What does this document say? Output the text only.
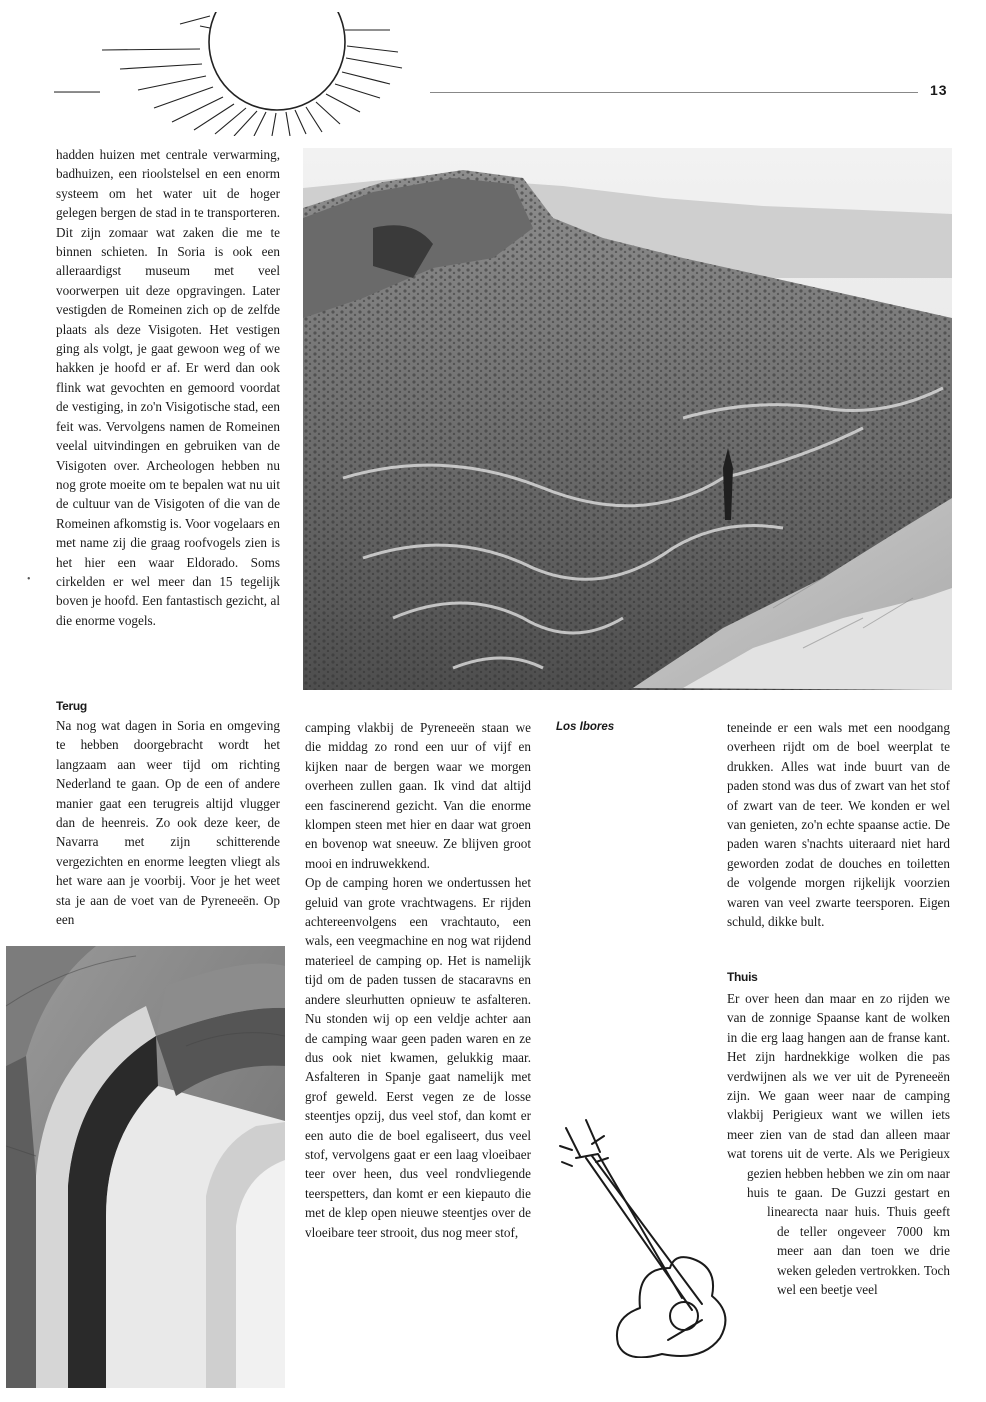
13

hadden huizen met centrale verwarming, badhuizen, een rioolstelsel en een enorm systeem om het water uit de hoger gelegen bergen de stad in te transporteren. Dit zijn zomaar wat zaken die me te binnen schieten. In Soria is ook een alleraardigst museum met veel voorwerpen uit deze opgravingen. Later vestigden de Romeinen zich op de zelfde plaats als deze Visigoten. Het vestigen ging als volgt, je gaat gewoon weg of we hakken je hoofd er af. Er werd dan ook flink wat gevochten en gemoord voordat de vestiging, in zo'n Visigotische stad, een feit was. Vervolgens namen de Romeinen veelal uitvindingen en gebruiken van de Visigoten over. Archeologen hebben nu nog grote moeite om te bepalen wat nu uit de cultuur van de Visigoten of die van de Romeinen afkomstig is. Voor vogelaars en met name zij die graag roofvogels zien is het hier een waar Eldorado. Soms cirkelden er wel meer dan 15 tegelijk boven je hoofd. Een fantastisch gezicht, al die enorme vogels.

•

Terug

Na nog wat dagen in Soria en omgeving te hebben doorgebracht wordt het langzaam aan weer tijd om richting Nederland te gaan. Op de een of andere manier gaat een terugreis altijd vlugger dan de heenreis. Zo ook deze keer, de Navarra met zijn schitterende vergezichten en enorme leegten vliegt als het ware aan je voorbij. Voor je het weet sta je aan de voet van de Pyreneeën. Op een

camping vlakbij de Pyreneeën staan we die middag zo rond een uur of vijf en kijken naar de bergen waar we morgen overheen zullen gaan. Ik vind dat altijd een fascinerend gezicht. Van die enorme klompen steen met hier en daar wat groen en bovenop wat sneeuw. Ze blijven groot mooi en indruwekkend.

Op de camping horen we ondertussen het geluid van grote vrachtwagens. Er rijden achtereenvolgens een vrachtauto, een wals, een veegmachine en nog wat rijdend materieel de camping op. Het is namelijk tijd om de paden tussen de stacaravns en andere sleurhutten opnieuw te asfalteren. Nu stonden wij op een veldje achter aan de camping waar geen paden waren en ze dus ook niet kwamen, gelukkig maar. Asfalteren in Spanje gaat namelijk met grof geweld. Eerst vegen ze de losse steentjes opzij, dus veel stof, dan komt er een auto die de boel egaliseert, dus veel stof, vervolgens gaat er een laag vloeibaer teer over heen, dus veel rondvliegende teerspetters, dan komt er een kiepauto die met de klep open nieuwe steentjes over de vloeibare teer strooit, dus nog meer stof,

Los Ibores	teneinde er een wals met een noodgang overheen rijdt om de boel weerplat te drukken. Alles wat inde buurt van de paden stond was dus of zwart van het stof of zwart van de teer. We konden er wel van genieten, zo'n echte spaanse actie. De paden waren s'nachts uiteraard niet hard geworden zodat de douches en toiletten de volgende morgen rijkelijk voorzien waren van veel zwarte teersporen. Eigen schuld, dikke bult.

Thuis

Er over heen dan maar en zo rijden we van de zonnige Spaanse kant de wolken in die erg laag hangen aan de franse kant. Het zijn hardnekkige wolken die pas verdwijnen als we ver uit de Pyreneeën zijn. We gaan weer naar de camping vlakbij Perigieux want we willen iets meer zien van de stad dan alleen maar wat torens uit de verte. Als we Perigieux gezien hebben hebben we zin om naar huis te gaan. De Guzzi gestart en linearecta naar huis. Thuis geeft de teller ongeveer 7000 km meer aan dan toen we drie weken geleden vertrokken. Toch wel een beetje veel
